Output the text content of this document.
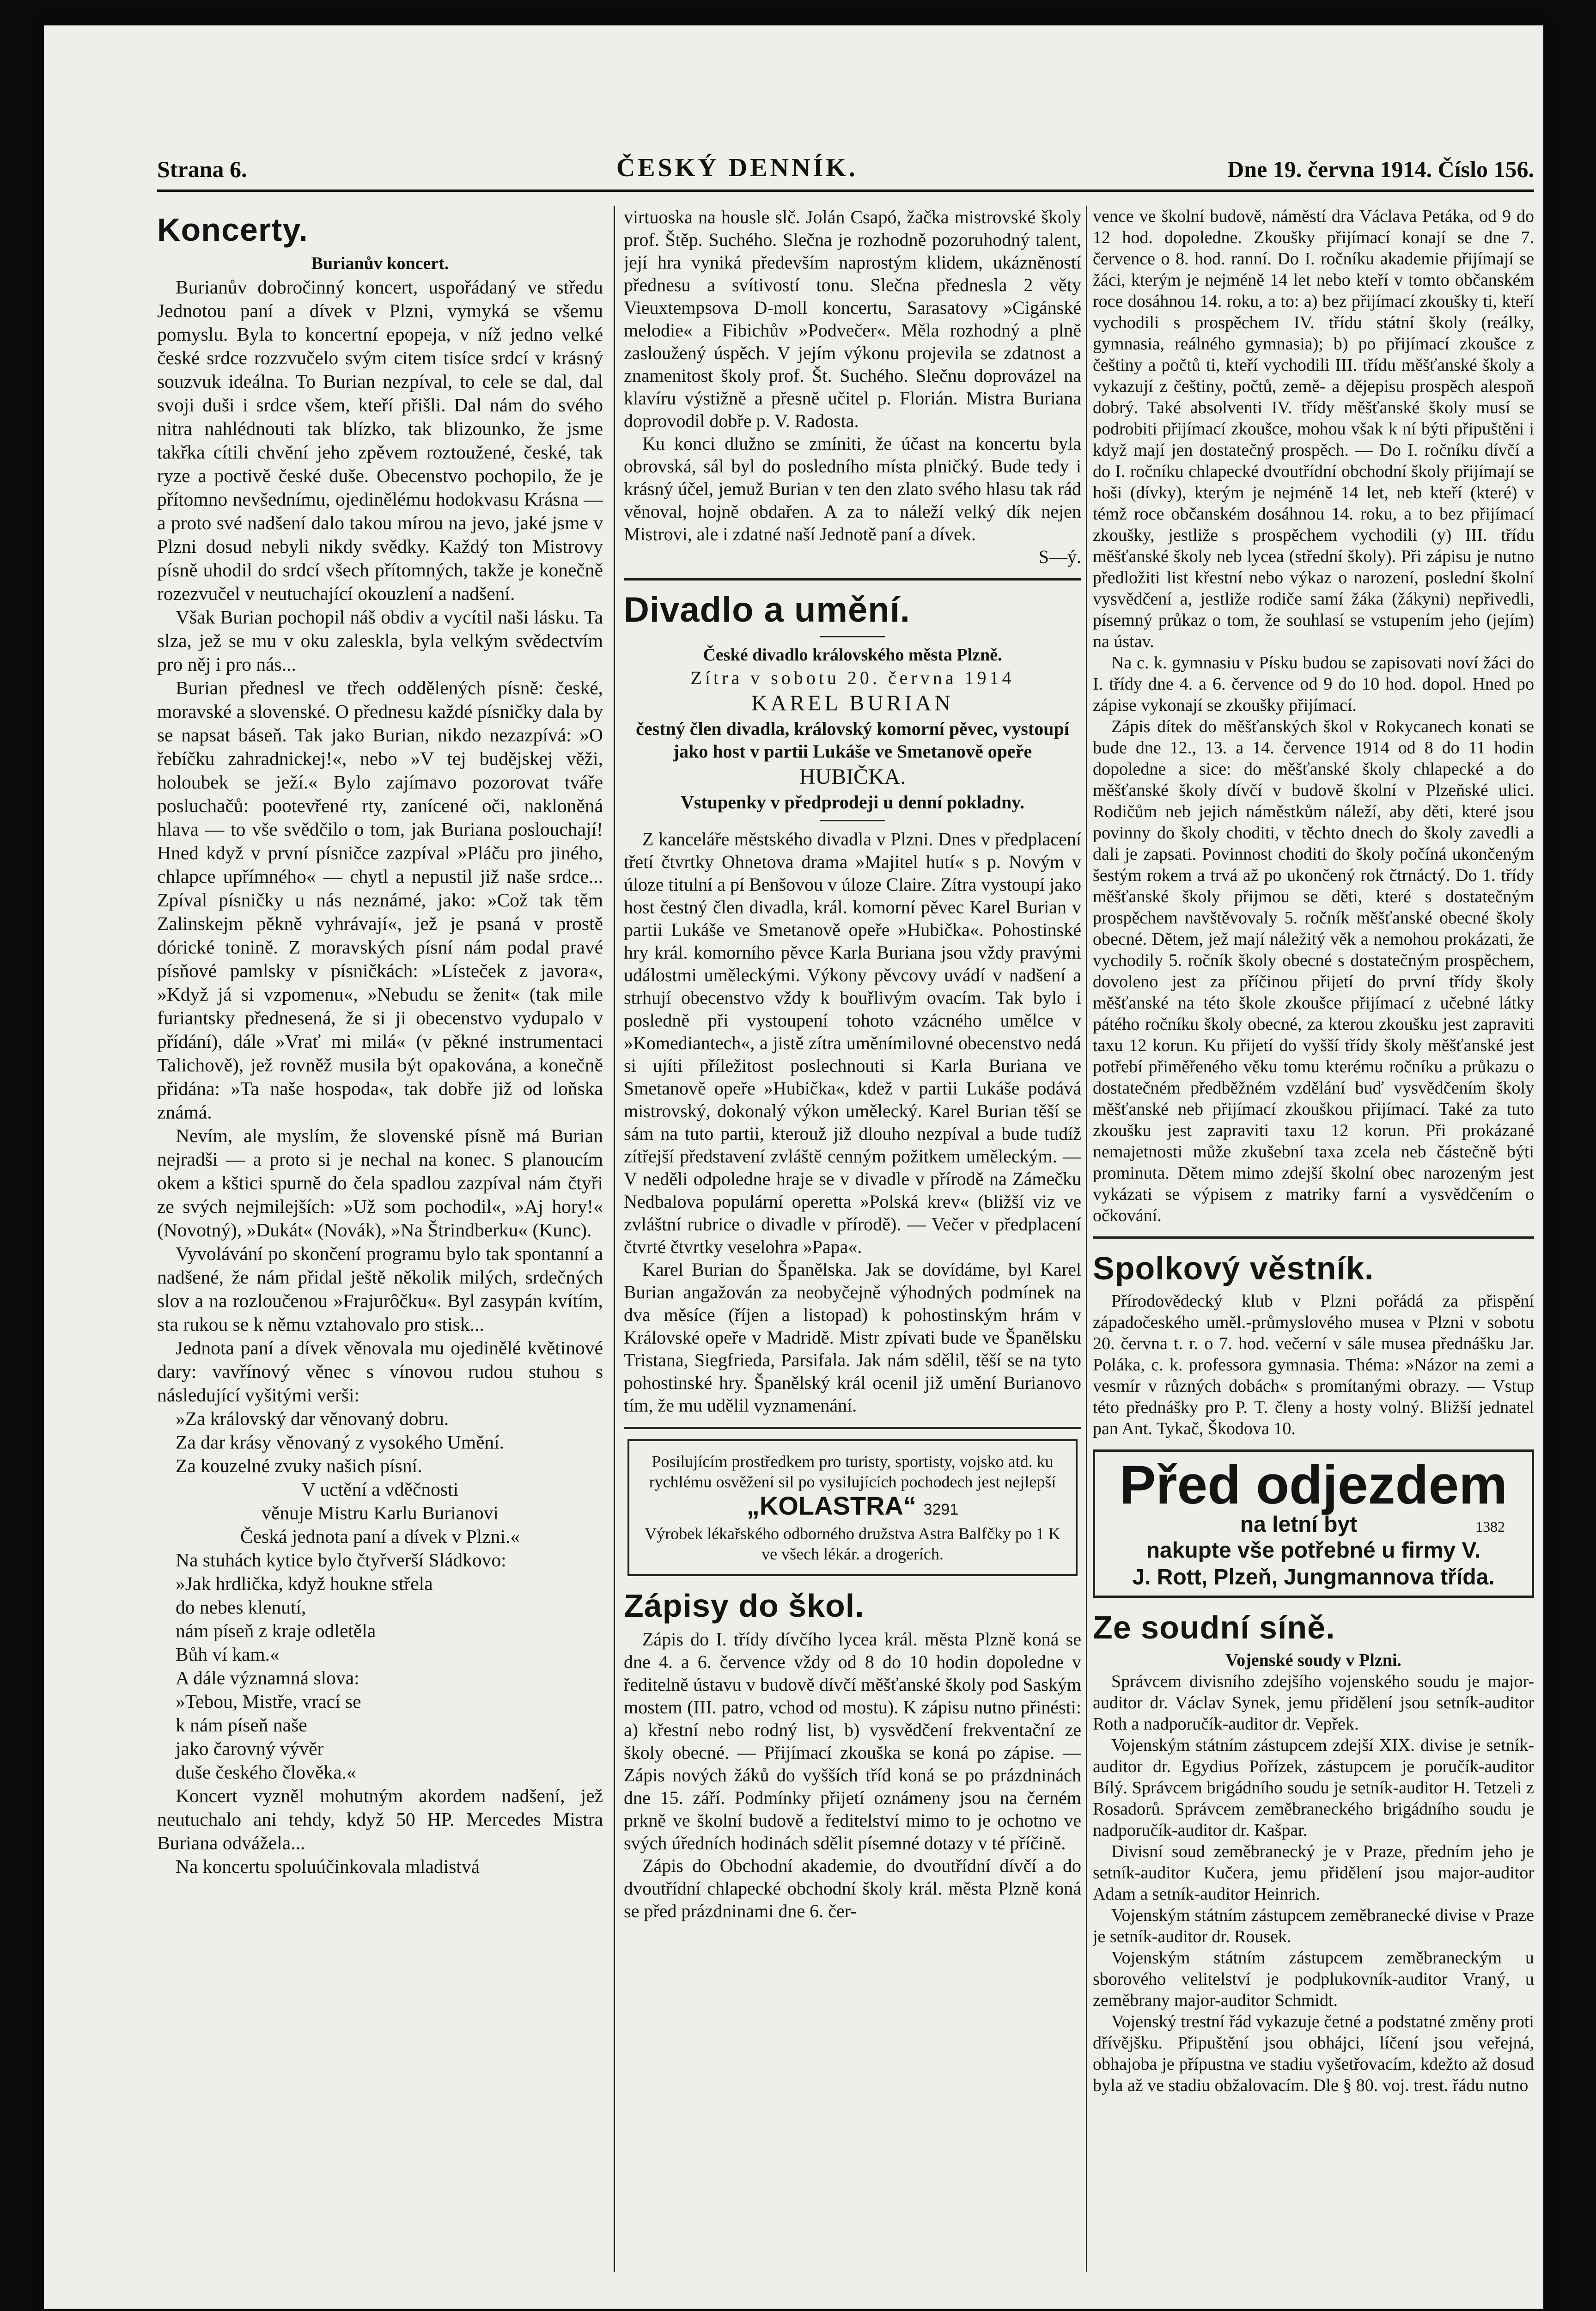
Strana 6.	ČESKÝ DENNÍK.	Dne 19. června 1914. Číslo 156.
Koncerty.

Burianův koncert.

Burianův dobročinný koncert, uspořádaný ve středu Jednotou paní a dívek v Plzni, vymyká se všemu pomyslu. Byla to koncertní epopeja, v níž jedno velké české srdce rozzvučelo svým citem tisíce srdcí v krásný souzvuk ideálna. To Burian nezpíval, to cele se dal, dal svoji duši i srdce všem, kteří přišli. Dal nám do svého nitra nahlédnouti tak blízko, tak blizounko, že jsme takřka cítili chvění jeho zpěvem roztoužené, české, tak ryze a poctivě české duše. Obecenstvo pochopilo, že je přítomno nevšednímu, ojedinělému hodokvasu Krásna — a proto své nadšení dalo takou mírou na jevo, jaké jsme v Plzni dosud nebyli nikdy svědky. Každý ton Mistrovy písně uhodil do srdcí všech přítomných, takže je konečně rozezvučel v neutuchající okouzlení a nadšení.

Však Burian pochopil náš obdiv a vycítil naši lásku. Ta slza, jež se mu v oku zaleskla, byla velkým svědectvím pro něj i pro nás...

Burian přednesl ve třech oddělených písně: české, moravské a slovenské. O přednesu každé písničky dala by se napsat báseň. Tak jako Burian, nikdo nezazpívá: »O řebíčku zahradnickej!«, nebo »V tej budějskej věži, holoubek se ježí.« Bylo zajímavo pozorovat tváře posluchačů: pootevřené rty, zanícené oči, nakloněná hlava — to vše svědčilo o tom, jak Buriana poslouchají! Hned když v první písničce zazpíval »Pláču pro jiného, chlapce upřímného« — chytl a nepustil již naše srdce... Zpíval písničky u nás neznámé, jako: »Což tak těm Zalinskejm pěkně vyhrávají«, jež je psaná v prostě dórické tonině. Z moravských písní nám podal pravé písňové pamlsky v písničkách: »Lísteček z javora«, »Když já si vzpomenu«, »Nebudu se ženit« (tak mile furiantsky přednesená, že si ji obecenstvo vydupalo v přídání), dále »Vrať mi milá« (v pěkné instrumentaci Talichově), jež rovněž musila být opakována, a konečně přidána: »Ta naše hospoda«, tak dobře již od loňska známá.

Nevím, ale myslím, že slovenské písně má Burian nejradši — a proto si je nechal na konec. S planoucím okem a kštici spurně do čela spadlou zazpíval nám čtyři ze svých nejmilejších: »Už som pochodil«, »Aj hory!« (Novotný), »Dukát« (Novák), »Na Štrindberku« (Kunc).

Vyvolávání po skončení programu bylo tak spontanní a nadšené, že nám přidal ještě několik milých, srdečných slov a na rozloučenou »Frajurôčku«. Byl zasypán kvítím, sta rukou se k němu vztahovalo pro stisk...

Jednota paní a dívek věnovala mu ojedinělé květinové dary: vavřínový věnec s vínovou rudou stuhou s následující vyšitými verši:

»Za královský dar věnovaný dobru.

Za dar krásy věnovaný z vysokého Umění.

Za kouzelné zvuky našich písní.

V uctění a vděčnosti

věnuje Mistru Karlu Burianovi

Česká jednota paní a dívek v Plzni.«

Na stuhách kytice bylo čtyřverší Sládkovo:

»Jak hrdlička, když houkne střela

do nebes klenutí,

nám píseň z kraje odletěla

Bůh ví kam.«

A dále významná slova:

»Tebou, Mistře, vrací se

k nám píseň naše

jako čarovný vývěr

duše českého člověka.«

Koncert vyzněl mohutným akordem nadšení, jež neutuchalo ani tehdy, když 50 HP. Mercedes Mistra Buriana odvážela...

Na koncertu spoluúčinkovala mladistvá

virtuoska na housle slč. Jolán Csapó, žačka mistrovské školy prof. Štěp. Suchého. Slečna je rozhodně pozoruhodný talent, její hra vyniká především naprostým klidem, ukázněností přednesu a svítivostí tonu. Slečna přednesla 2 věty Vieuxtempsova D-moll koncertu, Sarasatovy »Cigánské melodie« a Fibichův »Podvečer«. Měla rozhodný a plně zasloužený úspěch. V jejím výkonu projevila se zdatnost a znamenitost školy prof. Št. Suchého. Slečnu doprovázel na klavíru výstižně a přesně učitel p. Florián. Mistra Buriana doprovodil dobře p. V. Radosta.

Ku konci dlužno se zmíniti, že účast na koncertu byla obrovská, sál byl do posledního místa plničký. Bude tedy i krásný účel, jemuž Burian v ten den zlato svého hlasu tak rád věnoval, hojně obdařen. A za to náleží velký dík nejen Mistrovi, ale i zdatné naší Jednotě paní a dívek.

S—ý.

Divadlo a umění.

České divadlo královského města Plzně.

Zítra v sobotu 20. června 1914

KAREL BURIAN

čestný člen divadla, královský komorní pěvec, vystoupí jako host v partii Lukáše ve Smetanově opeře

HUBIČKA.

Vstupenky v předprodeji u denní pokladny.

Z kanceláře městského divadla v Plzni. Dnes v předplacení třetí čtvrtky Ohnetova drama »Majitel hutí« s p. Novým v úloze titulní a pí Benšovou v úloze Claire. Zítra vystoupí jako host čestný člen divadla, král. komorní pěvec Karel Burian v partii Lukáše ve Smetanově opeře »Hubička«. Pohostinské hry král. komorního pěvce Karla Buriana jsou vždy pravými událostmi uměleckými. Výkony pěvcovy uvádí v nadšení a strhují obecenstvo vždy k bouřlivým ovacím. Tak bylo i posledně při vystoupení tohoto vzácného umělce v »Komediantech«, a jistě zítra uměnímilovné obecenstvo nedá si ujíti příležitost poslechnouti si Karla Buriana ve Smetanově opeře »Hubička«, kdež v partii Lukáše podává mistrovský, dokonalý výkon umělecký. Karel Burian těší se sám na tuto partii, kterouž již dlouho nezpíval a bude tudíž zítřejší představení zvláště cenným požitkem uměleckým. — V neděli odpoledne hraje se v divadle v přírodě na Zámečku Nedbalova populární operetta »Polská krev« (bližší viz ve zvláštní rubrice o divadle v přírodě). — Večer v předplacení čtvrté čtvrtky veselohra »Papa«.

Karel Burian do Španělska. Jak se dovídáme, byl Karel Burian angažován za neobyčejně výhodných podmínek na dva měsíce (říjen a listopad) k pohostinským hrám v Královské opeře v Madridě. Mistr zpívati bude ve Španělsku Tristana, Siegfrieda, Parsifala. Jak nám sdělil, těší se na tyto pohostinské hry. Španělský král ocenil již umění Burianovo tím, že mu udělil vyznamenání.

Posilujícím prostředkem pro turisty, sportisty, vojsko atd. ku rychlému osvěžení sil po vysilujících pochodech jest nejlepší
„KOLASTRA“ 3291
Výrobek lékařského odborného družstva Astra Balfčky po 1 K ve všech lékár. a drogerích.
Zápisy do škol.

Zápis do I. třídy dívčího lycea král. města Plzně koná se dne 4. a 6. července vždy od 8 do 10 hodin dopoledne v ředitelně ústavu v budově dívčí měšťanské školy pod Saským mostem (III. patro, vchod od mostu). K zápisu nutno přinésti: a) křestní nebo rodný list, b) vysvědčení frekventační ze školy obecné. — Přijímací zkouška se koná po zápise. — Zápis nových žáků do vyšších tříd koná se po prázdninách dne 15. září. Podmínky přijetí oznámeny jsou na černém prkně ve školní budově a ředitelství mimo to je ochotno ve svých úředních hodinách sdělit písemné dotazy v té příčině.

Zápis do Obchodní akademie, do dvoutřídní dívčí a do dvoutřídní chlapecké obchodní školy král. města Plzně koná se před prázdninami dne 6. čer-

vence ve školní budově, náměstí dra Václava Petáka, od 9 do 12 hod. dopoledne. Zkoušky přijímací konají se dne 7. července o 8. hod. ranní. Do I. ročníku akademie přijímají se žáci, kterým je nejméně 14 let nebo kteří v tomto občanském roce dosáhnou 14. roku, a to: a) bez přijímací zkoušky ti, kteří vychodili s prospěchem IV. třídu státní školy (reálky, gymnasia, reálného gymnasia); b) po přijímací zkoušce z češtiny a počtů ti, kteří vychodili III. třídu měšťanské školy a vykazují z češtiny, počtů, země- a dějepisu prospěch alespoň dobrý. Také absolventi IV. třídy měšťanské školy musí se podrobiti přijímací zkoušce, mohou však k ní býti připuštěni i když mají jen dostatečný prospěch. — Do I. ročníku dívčí a do I. ročníku chlapecké dvoutřídní obchodní školy přijímají se hoši (dívky), kterým je nejméně 14 let, neb kteří (které) v témž roce občanském dosáhnou 14. roku, a to bez přijímací zkoušky, jestliže s prospěchem vychodili (y) III. třídu měšťanské školy neb lycea (střední školy). Při zápisu je nutno předložiti list křestní nebo výkaz o narození, poslední školní vysvědčení a, jestliže rodiče samí žáka (žákyni) nepřivedli, písemný průkaz o tom, že souhlasí se vstupením jeho (jejím) na ústav.

Na c. k. gymnasiu v Písku budou se zapisovati noví žáci do I. třídy dne 4. a 6. července od 9 do 10 hod. dopol. Hned po zápise vykonají se zkoušky přijímací.

Zápis dítek do měšťanských škol v Rokycanech konati se bude dne 12., 13. a 14. července 1914 od 8 do 11 hodin dopoledne a sice: do měšťanské školy chlapecké a do měšťanské školy dívčí v budově školní v Plzeňské ulici. Rodičům neb jejich náměstkům náleží, aby děti, které jsou povinny do školy choditi, v těchto dnech do školy zavedli a dali je zapsati. Povinnost choditi do školy počíná ukončeným šestým rokem a trvá až po ukončený rok čtrnáctý. Do 1. třídy měšťanské školy přijmou se děti, které s dostatečným prospěchem navštěvovaly 5. ročník měšťanské obecné školy obecné. Dětem, jež mají náležitý věk a nemohou prokázati, že vychodily 5. ročník školy obecné s dostatečným prospěchem, dovoleno jest za příčinou přijetí do první třídy školy měšťanské na této škole zkoušce přijímací z učebné látky pátého ročníku školy obecné, za kterou zkoušku jest zapraviti taxu 12 korun. Ku přijetí do vyšší třídy školy měšťanské jest potřebí přiměřeného věku tomu kterému ročníku a průkazu o dostatečném předběžném vzdělání buď vysvědčením školy měšťanské neb přijímací zkouškou přijímací. Také za tuto zkoušku jest zapraviti taxu 12 korun. Při prokázané nemajetnosti může zkušební taxa zcela neb částečně býti prominuta. Dětem mimo zdejší školní obec narozeným jest vykázati se výpisem z matriky farní a vysvědčením o očkování.

Spolkový věstník.

Přírodovědecký klub v Plzni pořádá za přispění západočeského uměl.-průmyslového musea v Plzni v sobotu 20. června t. r. o 7. hod. večerní v sále musea přednášku Jar. Poláka, c. k. professora gymnasia. Théma: »Názor na zemi a vesmír v různých dobách« s promítanými obrazy. — Vstup této přednášky pro P. T. členy a hosty volný. Bližší jednatel pan Ant. Tykač, Škodova 10.

Před odjezdem
na letní byt	1382
nakupte vše potřebné u firmy V.
J. Rott, Plzeň, Jungmannova třída.
Ze soudní síně.

Vojenské soudy v Plzni.

Správcem divisního zdejšího vojenského soudu je major-auditor dr. Václav Synek, jemu přidělení jsou setník-auditor Roth a nadporučík-auditor dr. Vepřek.

Vojenským státním zástupcem zdejší XIX. divise je setník-auditor dr. Egydius Pořízek, zástupcem je poručík-auditor Bílý. Správcem brigádního soudu je setník-auditor H. Tetzeli z Rosadorů. Správcem zeměbraneckého brigádního soudu je nadporučík-auditor dr. Kašpar.

Divisní soud zeměbranecký je v Praze, předním jeho je setník-auditor Kučera, jemu přidělení jsou major-auditor Adam a setník-auditor Heinrich.

Vojenským státním zástupcem zeměbranecké divise v Praze je setník-auditor dr. Rousek.

Vojenským státním zástupcem zeměbraneckým u sborového velitelství je podplukovník-auditor Vraný, u zeměbrany major-auditor Schmidt.

Vojenský trestní řád vykazuje četné a podstatné změny proti dřívějšku. Připuštění jsou obhájci, líčení jsou veřejná, obhajoba je přípustna ve stadiu vyšetřovacím, kdežto až dosud byla až ve stadiu obžalovacím. Dle § 80. voj. trest. řádu nutno
